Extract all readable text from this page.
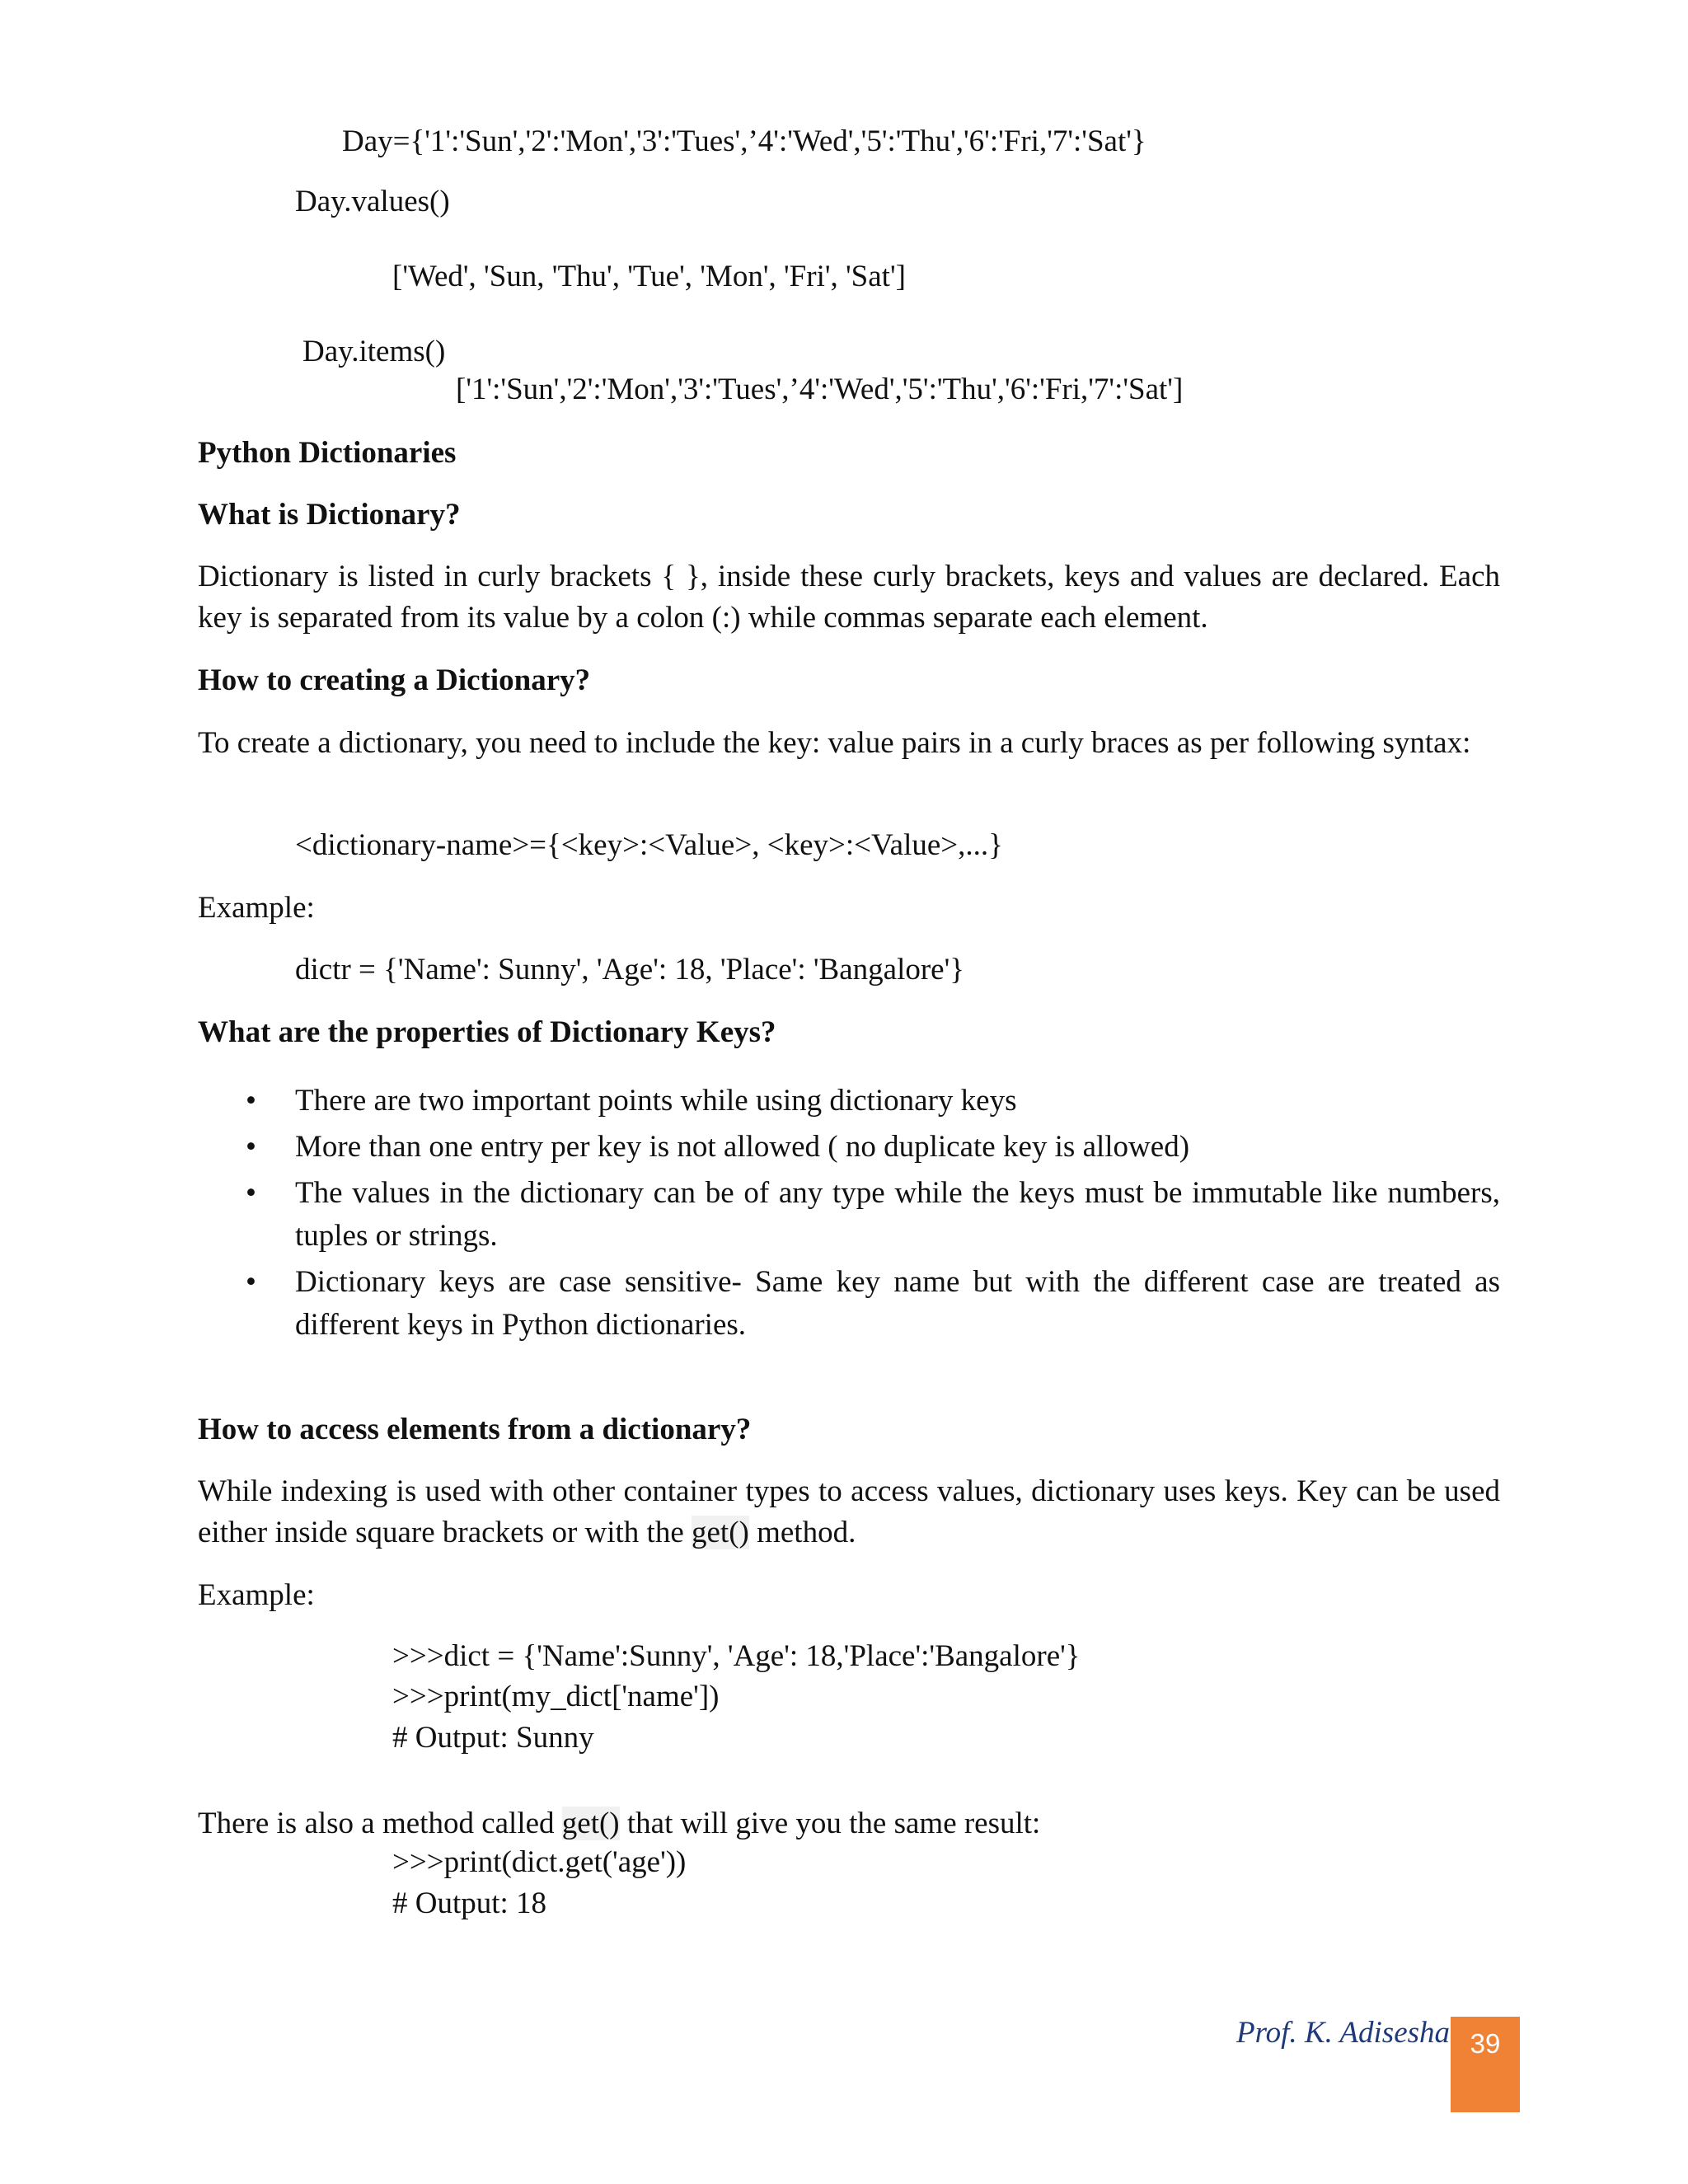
Day={'1':'Sun','2':'Mon','3':'Tues',’4':'Wed','5':'Thu','6':'Fri,'7':'Sat'}
Day.values()
['Wed', 'Sun, 'Thu', 'Tue', 'Mon', 'Fri', 'Sat']
Day.items()
['1':'Sun','2':'Mon','3':'Tues',’4':'Wed','5':'Thu','6':'Fri,'7':'Sat']
Python Dictionaries
What is Dictionary?
Dictionary is listed in curly brackets { }, inside these curly brackets, keys and values are declared. Each key is separated from its value by a colon (:) while commas separate each element.
How to creating a Dictionary?
To create a dictionary, you need to include the key: value pairs in a curly braces as per following syntax:
<dictionary-name>={<key>:<Value>, <key>:<Value>,...}
Example:
dictr = {'Name': Sunny', 'Age': 18, 'Place': 'Bangalore'}
What are the properties of Dictionary Keys?
• There are two important points while using dictionary keys
• More than one entry per key is not allowed ( no duplicate key is allowed)
• The values in the dictionary can be of any type while the keys must be immutable like numbers, tuples or strings.
• Dictionary keys are case sensitive- Same key name but with the different case are treated as different keys in Python dictionaries.
How to access elements from a dictionary?
While indexing is used with other container types to access values, dictionary uses keys. Key can be used either inside square brackets or with the get() method.
Example:
>>>dict = {'Name':Sunny', 'Age': 18,'Place':'Bangalore'}
>>>print(my_dict['name'])
# Output: Sunny
There is also a method called get() that will give you the same result:
>>>print(dict.get('age'))
# Output: 18
Prof. K. Adisesha 39
